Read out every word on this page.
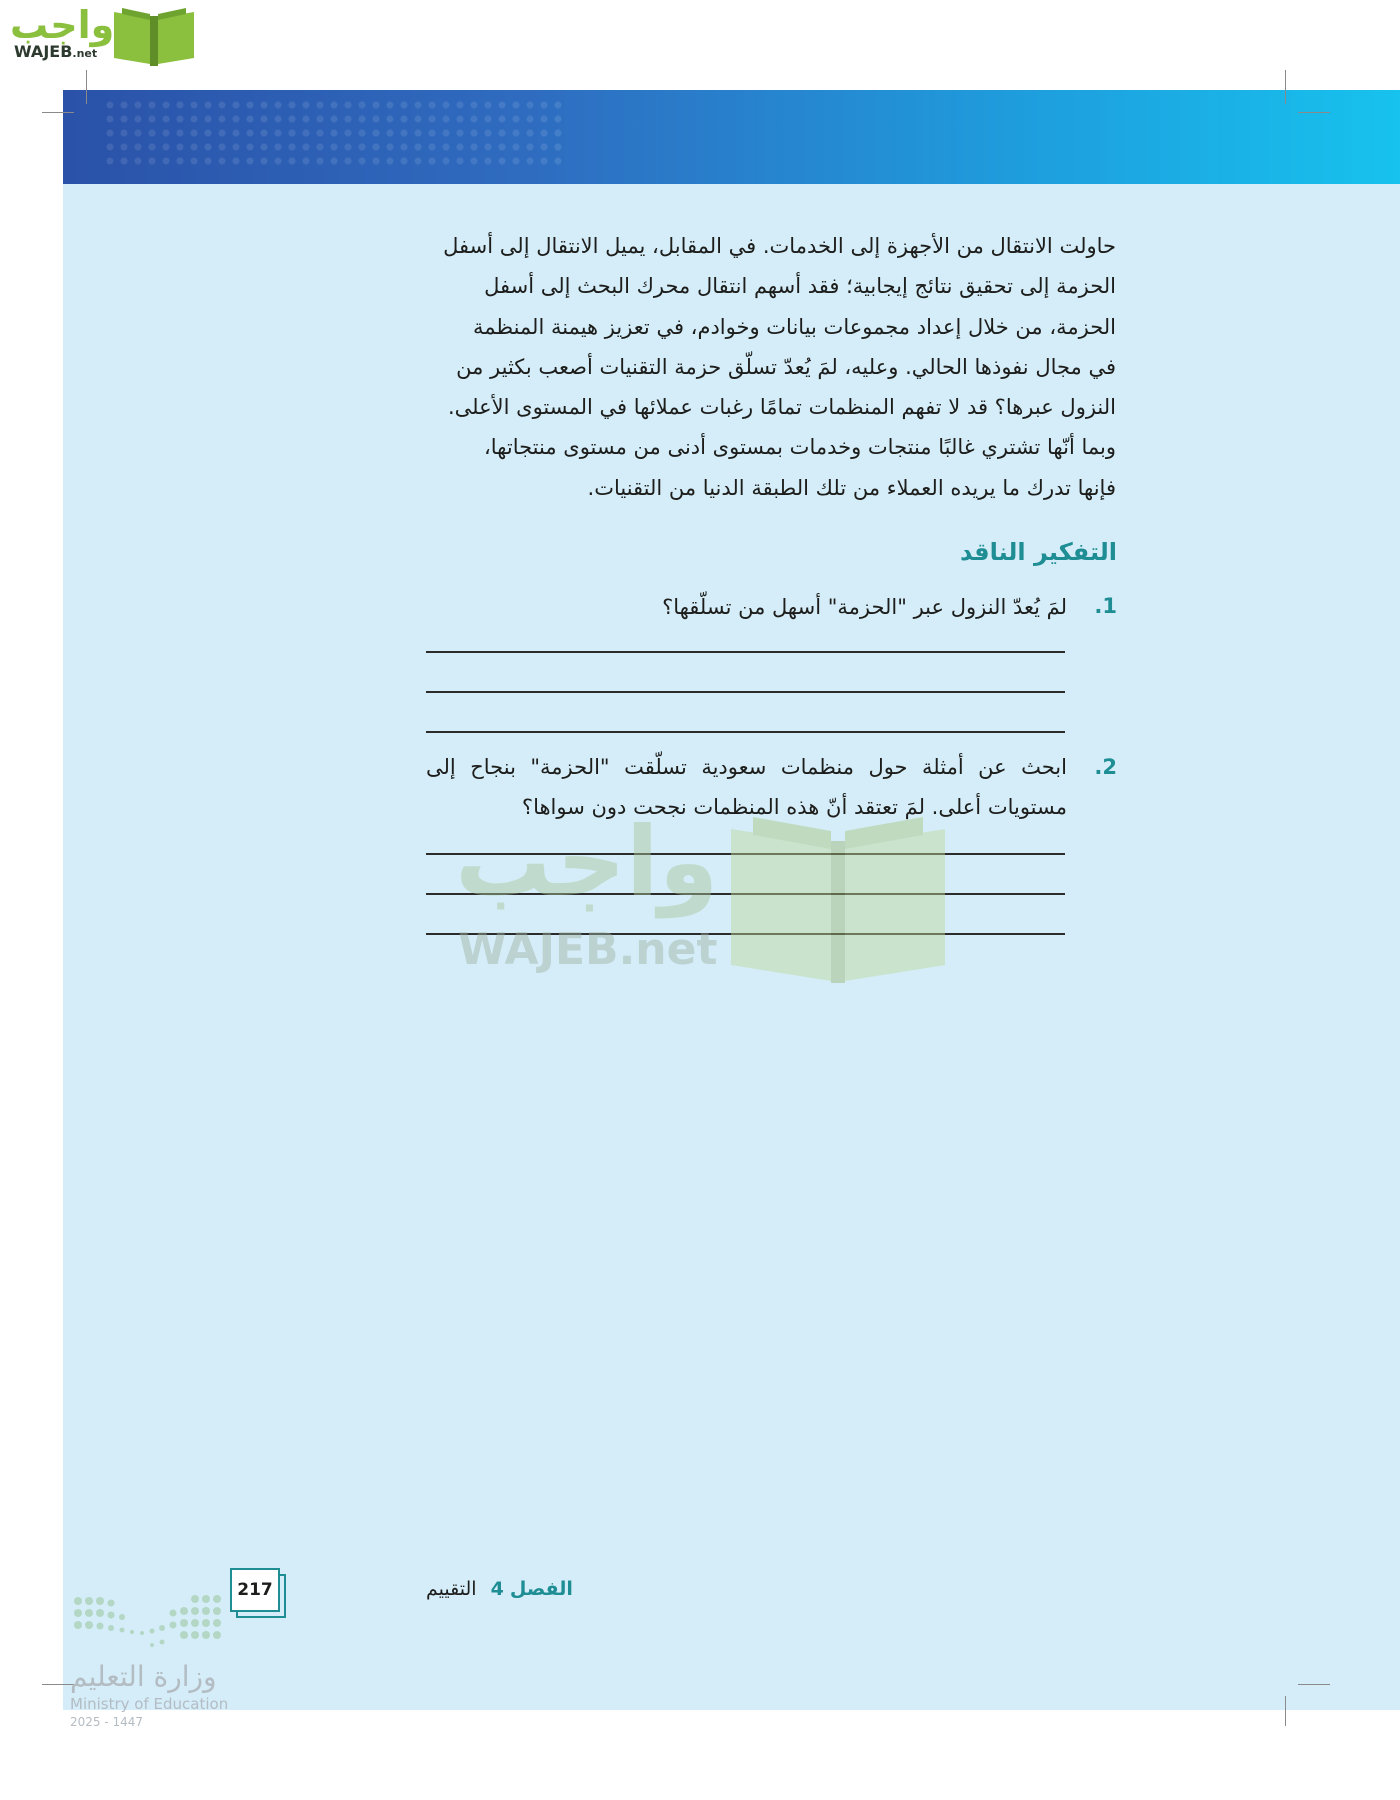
واجب
WAJEB.net
حاولت الانتقال من الأجهزة إلى الخدمات. في المقابل، يميل الانتقال إلى أسفل
الحزمة إلى تحقيق نتائج إيجابية؛ فقد أسهم انتقال محرك البحث إلى أسفل
الحزمة، من خلال إعداد مجموعات بيانات وخوادم، في تعزيز هيمنة المنظمة
في مجال نفوذها الحالي. وعليه، لمَ يُعدّ تسلّق حزمة التقنيات أصعب بكثير من
النزول عبرها؟ قد لا تفهم المنظمات تمامًا رغبات عملائها في المستوى الأعلى.
وبما أنّها تشتري غالبًا منتجات وخدمات بمستوى أدنى من مستوى منتجاتها،
فإنها تدرك ما يريده العملاء من تلك الطبقة الدنيا من التقنيات.
التفكير الناقد
.1
لمَ يُعدّ النزول عبر "الحزمة" أسهل من تسلّقها؟
.2
ابحث عن أمثلة حول منظمات سعودية تسلّقت "الحزمة" بنجاح إلى
مستويات أعلى. لمَ تعتقد أنّ هذه المنظمات نجحت دون سواها؟
واجب
WAJEB.net
الفصل 4 التقييم
217
وزارة التعليم
Ministry of Education
2025 - 1447
